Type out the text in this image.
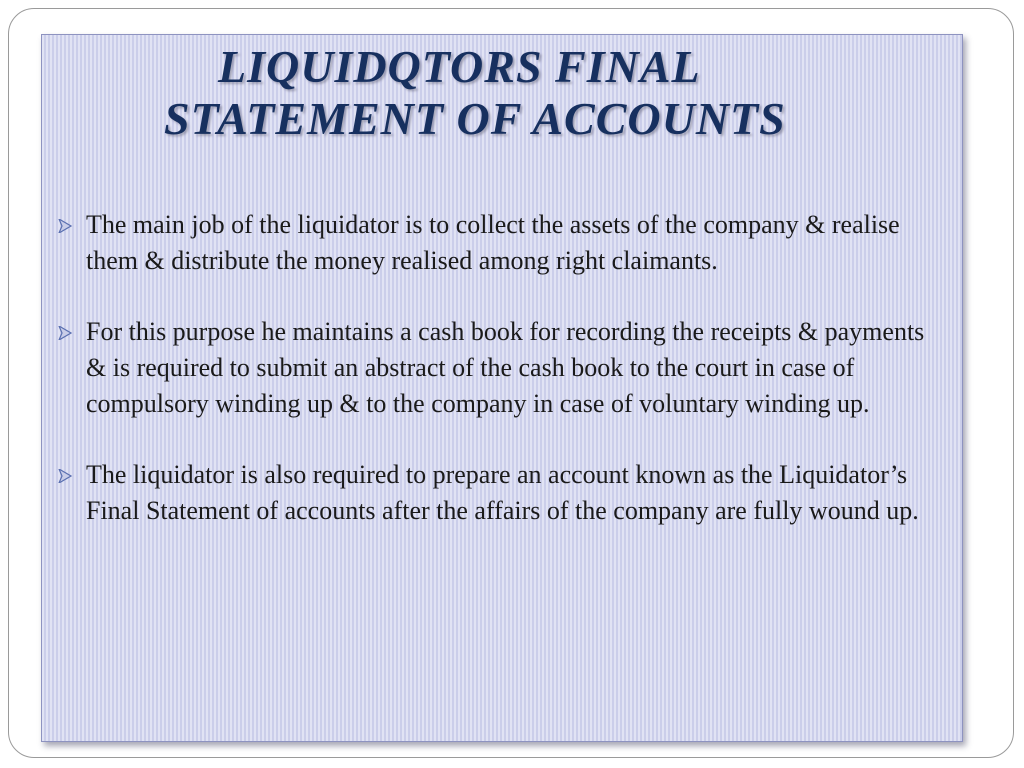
LIQUIDQTORS FINAL
STATEMENT OF ACCOUNTS
The main job of the liquidator is to collect the assets of the company & realise them & distribute the money realised among right claimants.
For this purpose he maintains a cash book for recording the receipts & payments & is required to submit an abstract of the cash book to the court in case of compulsory winding up & to the company in case of voluntary winding up.
The liquidator is also required to prepare an account known as the Liquidator’s Final Statement of accounts after the affairs of the company are fully wound up.
